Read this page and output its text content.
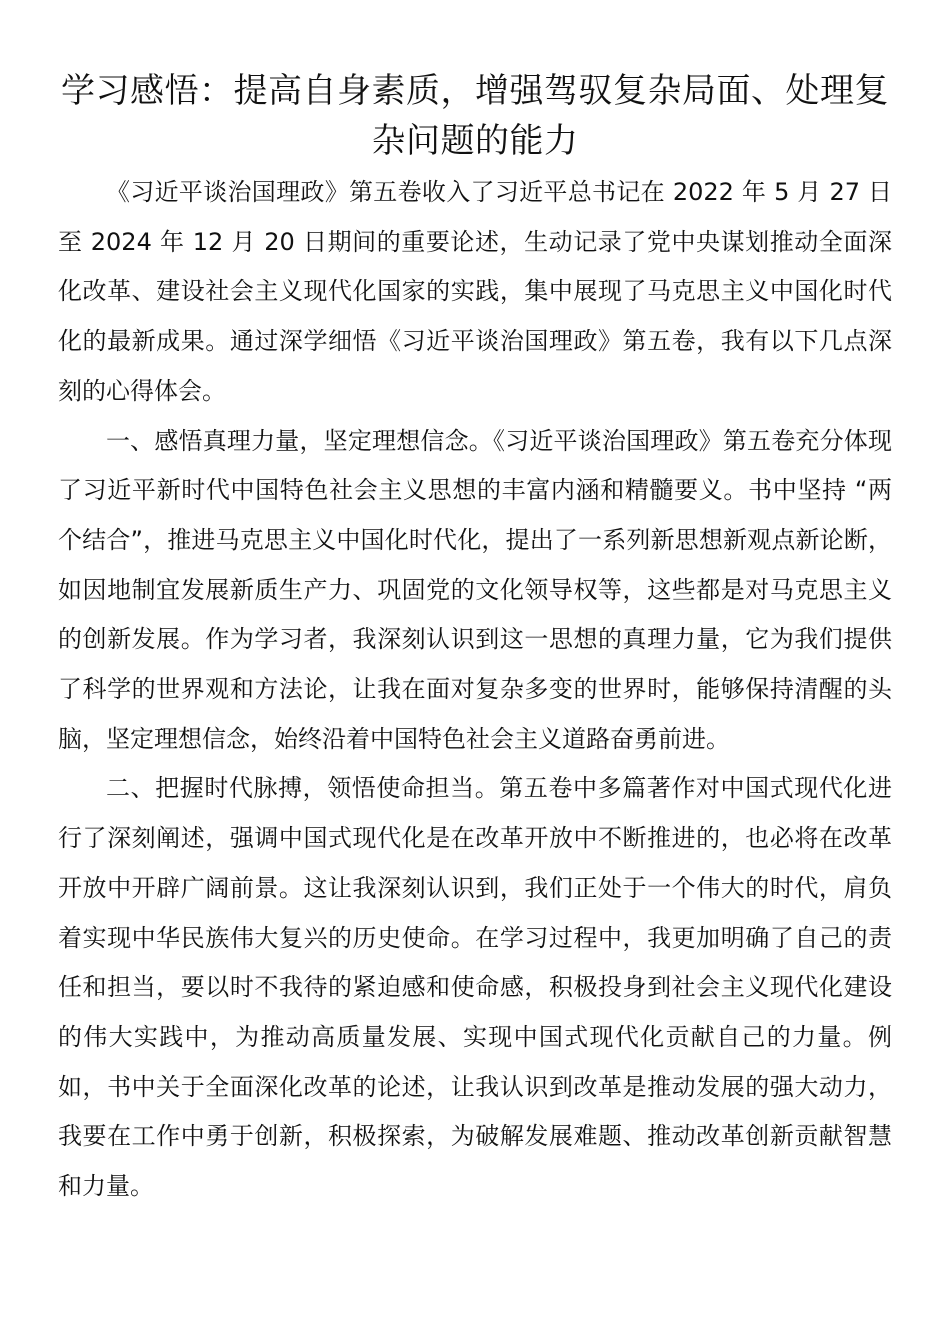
学习感悟：提高自身素质，增强驾驭复杂局面、处理复杂问题的能力

《习近平谈治国理政》第五卷收入了习近平总书记在 2022 年 5 月 27 日至 2024 年 12 月 20 日期间的重要论述，生动记录了党中央谋划推动全面深化改革、建设社会主义现代化国家的实践，集中展现了马克思主义中国化时代化的最新成果。通过深学细悟《习近平谈治国理政》第五卷，我有以下几点深刻的心得体会。

一、感悟真理力量，坚定理想信念。《习近平谈治国理政》第五卷充分体现了习近平新时代中国特色社会主义思想的丰富内涵和精髓要义。书中坚持 “两个结合”，推进马克思主义中国化时代化，提出了一系列新思想新观点新论断，如因地制宜发展新质生产力、巩固党的文化领导权等，这些都是对马克思主义的创新发展。作为学习者，我深刻认识到这一思想的真理力量，它为我们提供了科学的世界观和方法论，让我在面对复杂多变的世界时，能够保持清醒的头脑，坚定理想信念，始终沿着中国特色社会主义道路奋勇前进。

二、把握时代脉搏，领悟使命担当。第五卷中多篇著作对中国式现代化进行了深刻阐述，强调中国式现代化是在改革开放中不断推进的，也必将在改革开放中开辟广阔前景。这让我深刻认识到，我们正处于一个伟大的时代，肩负着实现中华民族伟大复兴的历史使命。在学习过程中，我更加明确了自己的责任和担当，要以时不我待的紧迫感和使命感，积极投身到社会主义现代化建设的伟大实践中，为推动高质量发展、实现中国式现代化贡献自己的力量。例如，书中关于全面深化改革的论述，让我认识到改革是推动发展的强大动力，我要在工作中勇于创新，积极探索，为破解发展难题、推动改革创新贡献智慧和力量。
